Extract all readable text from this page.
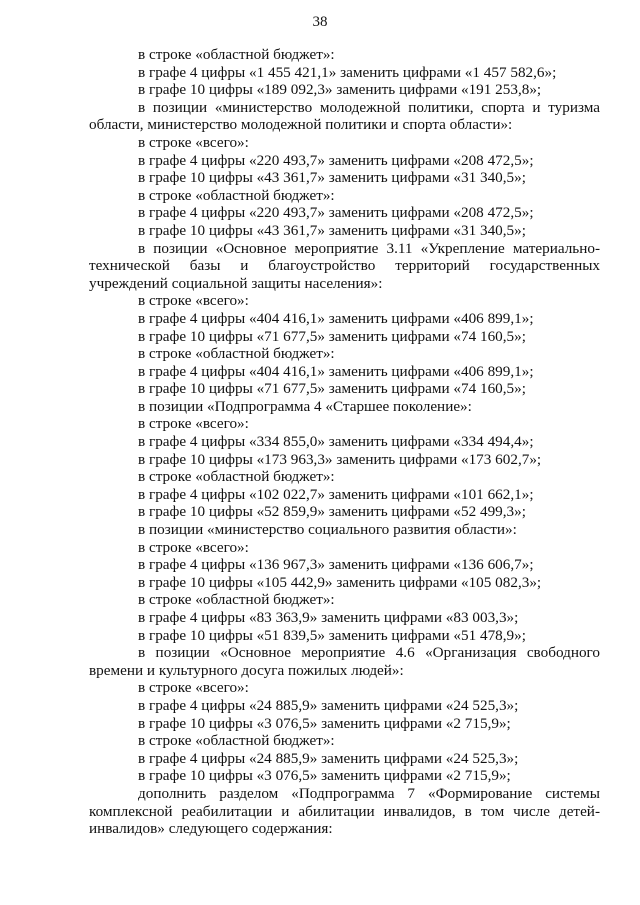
38
в строке «областной бюджет»:
в графе 4 цифры «1 455 421,1» заменить цифрами «1 457 582,6»;
в графе 10 цифры «189 092,3» заменить цифрами «191 253,8»;
в позиции «министерство молодежной политики, спорта и туризма
области, министерство молодежной политики и спорта области»:
в строке «всего»:
в графе 4 цифры «220 493,7» заменить цифрами «208 472,5»;
в графе 10 цифры «43 361,7» заменить цифрами «31 340,5»;
в строке «областной бюджет»:
в графе 4 цифры «220 493,7» заменить цифрами «208 472,5»;
в графе 10 цифры «43 361,7» заменить цифрами «31 340,5»;
в позиции «Основное мероприятие 3.11 «Укрепление материально-
технической базы и благоустройство территорий государственных
учреждений социальной защиты населения»:
в строке «всего»:
в графе 4 цифры «404 416,1» заменить цифрами «406 899,1»;
в графе 10 цифры «71 677,5» заменить цифрами «74 160,5»;
в строке «областной бюджет»:
в графе 4 цифры «404 416,1» заменить цифрами «406 899,1»;
в графе 10 цифры «71 677,5» заменить цифрами «74 160,5»;
в позиции «Подпрограмма 4 «Старшее поколение»:
в строке «всего»:
в графе 4 цифры «334 855,0» заменить цифрами «334 494,4»;
в графе 10 цифры «173 963,3» заменить цифрами «173 602,7»;
в строке «областной бюджет»:
в графе 4 цифры «102 022,7» заменить цифрами «101 662,1»;
в графе 10 цифры «52 859,9» заменить цифрами «52 499,3»;
в позиции «министерство социального развития области»:
в строке «всего»:
в графе 4 цифры «136 967,3» заменить цифрами «136 606,7»;
в графе 10 цифры «105 442,9» заменить цифрами «105 082,3»;
в строке «областной бюджет»:
в графе 4 цифры «83 363,9» заменить цифрами «83 003,3»;
в графе 10 цифры «51 839,5» заменить цифрами «51 478,9»;
в позиции «Основное мероприятие 4.6 «Организация свободного
времени и культурного досуга пожилых людей»:
в строке «всего»:
в графе 4 цифры «24 885,9» заменить цифрами «24 525,3»;
в графе 10 цифры «3 076,5» заменить цифрами «2 715,9»;
в строке «областной бюджет»:
в графе 4 цифры «24 885,9» заменить цифрами «24 525,3»;
в графе 10 цифры «3 076,5» заменить цифрами «2 715,9»;
дополнить разделом «Подпрограмма 7 «Формирование системы
комплексной реабилитации и абилитации инвалидов, в том числе детей-
инвалидов» следующего содержания:
